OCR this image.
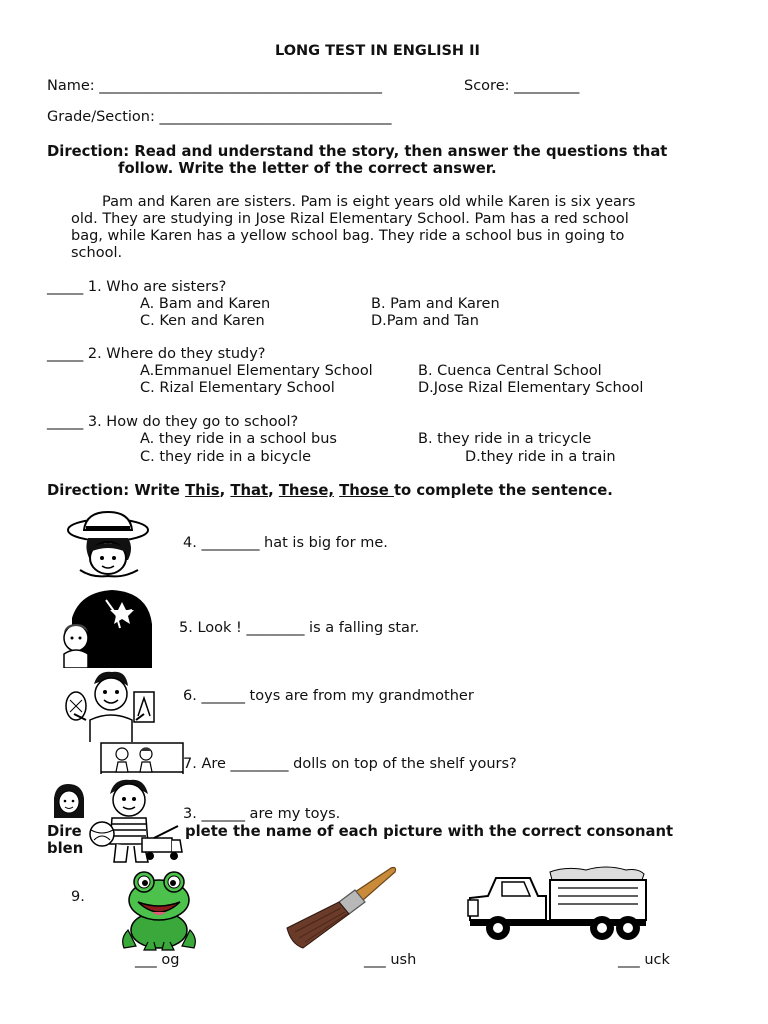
LONG TEST IN ENGLISH II
Name: _______________________________________	Score: _________
Grade/Section: ________________________________
Direction: Read and understand the story, then answer the questions that
follow. Write the letter of the correct answer.
Pam and Karen are sisters. Pam is eight years old while Karen is six years
old. They are studying in Jose Rizal Elementary School. Pam has a red school
bag, while Karen has a yellow school bag. They ride a school bus in going to
school.
_____ 1. Who are sisters?
A. Bam and Karen	B. Pam and Karen
C. Ken and Karen	D.Pam and Tan
_____ 2. Where do they study?
A.Emmanuel Elementary School	B. Cuenca Central School
C. Rizal Elementary School	D.Jose Rizal Elementary School
_____ 3. How do they go to school?
A. they ride in a school bus	B. they ride in a tricycle
C. they ride in a bicycle	D.they ride in a train
Direction: Write This, That, These, Those to complete the sentence.
4. ________ hat is big for me.
5. Look ! ________ is a falling star.
6. ______ toys are from my grandmother
7. Are ________ dolls on top of the shelf yours?
3. ______ are my toys.
Dire	plete the name of each picture with the correct consonant
blen
9.
___ og	___ ush	___ uck
